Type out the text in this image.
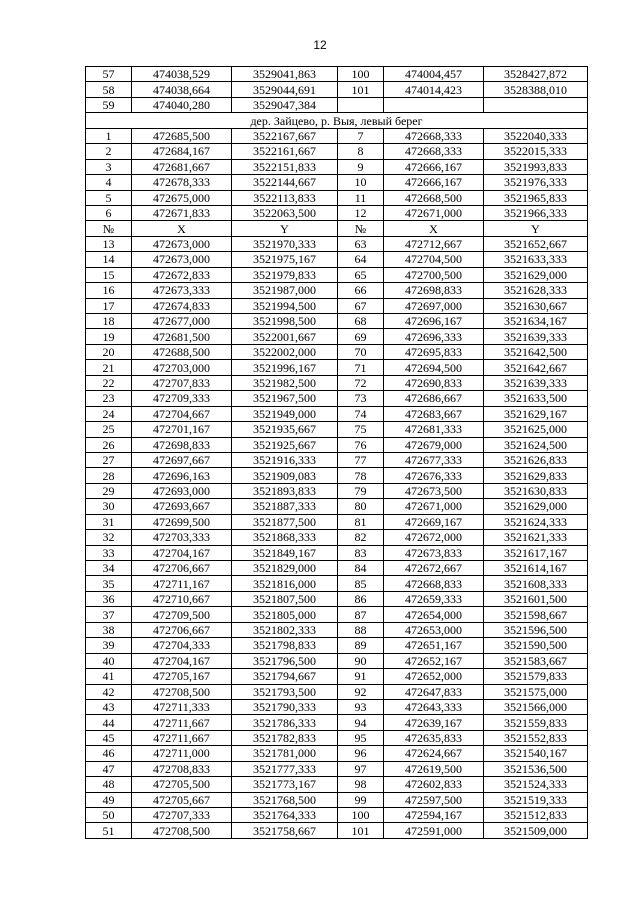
12
57	474038,529	3529041,863	100	474004,457	3528427,872
58	474038,664	3529044,691	101	474014,423	3528388,010
59	474040,280	3529047,384			
дер. Зайцево, р. Выя, левый берег					
1	472685,500	3522167,667	7	472668,333	3522040,333
2	472684,167	3522161,667	8	472668,333	3522015,333
3	472681,667	3522151,833	9	472666,167	3521993,833
4	472678,333	3522144,667	10	472666,167	3521976,333
5	472675,000	3522113,833	11	472668,500	3521965,833
6	472671,833	3522063,500	12	472671,000	3521966,333
№	X	Y	№	X	Y
13	472673,000	3521970,333	63	472712,667	3521652,667
14	472673,000	3521975,167	64	472704,500	3521633,333
15	472672,833	3521979,833	65	472700,500	3521629,000
16	472673,333	3521987,000	66	472698,833	3521628,333
17	472674,833	3521994,500	67	472697,000	3521630,667
18	472677,000	3521998,500	68	472696,167	3521634,167
19	472681,500	3522001,667	69	472696,333	3521639,333
20	472688,500	3522002,000	70	472695,833	3521642,500
21	472703,000	3521996,167	71	472694,500	3521642,667
22	472707,833	3521982,500	72	472690,833	3521639,333
23	472709,333	3521967,500	73	472686,667	3521633,500
24	472704,667	3521949,000	74	472683,667	3521629,167
25	472701,167	3521935,667	75	472681,333	3521625,000
26	472698,833	3521925,667	76	472679,000	3521624,500
27	472697,667	3521916,333	77	472677,333	3521626,833
28	472696,163	3521909,083	78	472676,333	3521629,833
29	472693,000	3521893,833	79	472673,500	3521630,833
30	472693,667	3521887,333	80	472671,000	3521629,000
31	472699,500	3521877,500	81	472669,167	3521624,333
32	472703,333	3521868,333	82	472672,000	3521621,333
33	472704,167	3521849,167	83	472673,833	3521617,167
34	472706,667	3521829,000	84	472672,667	3521614,167
35	472711,167	3521816,000	85	472668,833	3521608,333
36	472710,667	3521807,500	86	472659,333	3521601,500
37	472709,500	3521805,000	87	472654,000	3521598,667
38	472706,667	3521802,333	88	472653,000	3521596,500
39	472704,333	3521798,833	89	472651,167	3521590,500
40	472704,167	3521796,500	90	472652,167	3521583,667
41	472705,167	3521794,667	91	472652,000	3521579,833
42	472708,500	3521793,500	92	472647,833	3521575,000
43	472711,333	3521790,333	93	472643,333	3521566,000
44	472711,667	3521786,333	94	472639,167	3521559,833
45	472711,667	3521782,833	95	472635,833	3521552,833
46	472711,000	3521781,000	96	472624,667	3521540,167
47	472708,833	3521777,333	97	472619,500	3521536,500
48	472705,500	3521773,167	98	472602,833	3521524,333
49	472705,667	3521768,500	99	472597,500	3521519,333
50	472707,333	3521764,333	100	472594,167	3521512,833
51	472708,500	3521758,667	101	472591,000	3521509,000
